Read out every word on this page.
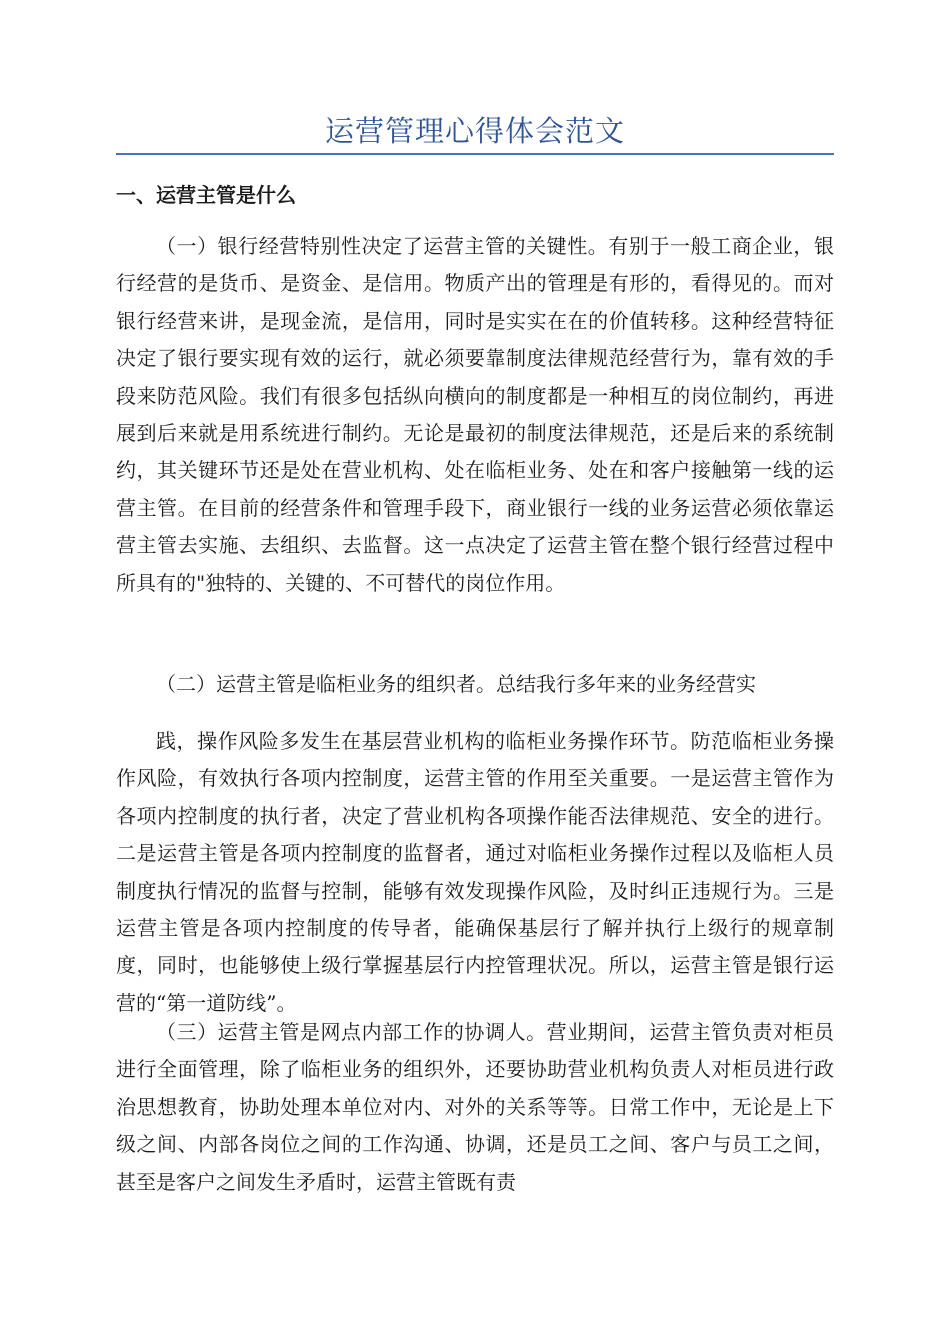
运营管理心得体会范文
一、运营主管是什么

（一）银行经营特别性决定了运营主管的关键性。有别于一般工商企业，银行经营的是货币、是资金、是信用。物质产出的管理是有形的，看得见的。而对银行经营来讲，是现金流，是信用，同时是实实在在的价值转移。这种经营特征决定了银行要实现有效的运行，就必须要靠制度法律规范经营行为，靠有效的手段来防范风险。我们有很多包括纵向横向的制度都是一种相互的岗位制约，再进展到后来就是用系统进行制约。无论是最初的制度法律规范，还是后来的系统制约，其关键环节还是处在营业机构、处在临柜业务、处在和客户接触第一线的运营主管。在目前的经营条件和管理手段下，商业银行一线的业务运营必须依靠运营主管去实施、去组织、去监督。这一点决定了运营主管在整个银行经营过程中所具有的"独特的、关键的、不可替代的岗位作用。

（二）运营主管是临柜业务的组织者。总结我行多年来的业务经营实

践，操作风险多发生在基层营业机构的临柜业务操作环节。防范临柜业务操作风险，有效执行各项内控制度，运营主管的作用至关重要。一是运营主管作为各项内控制度的执行者，决定了营业机构各项操作能否法律规范、安全的进行。二是运营主管是各项内控制度的监督者，通过对临柜业务操作过程以及临柜人员制度执行情况的监督与控制，能够有效发现操作风险，及时纠正违规行为。三是运营主管是各项内控制度的传导者，能确保基层行了解并执行上级行的规章制度，同时，也能够使上级行掌握基层行内控管理状况。所以，运营主管是银行运营的“第一道防线”。

（三）运营主管是网点内部工作的协调人。营业期间，运营主管负责对柜员进行全面管理，除了临柜业务的组织外，还要协助营业机构负责人对柜员进行政治思想教育，协助处理本单位对内、对外的关系等等。日常工作中，无论是上下级之间、内部各岗位之间的工作沟通、协调，还是员工之间、客户与员工之间，甚至是客户之间发生矛盾时，运营主管既有责
